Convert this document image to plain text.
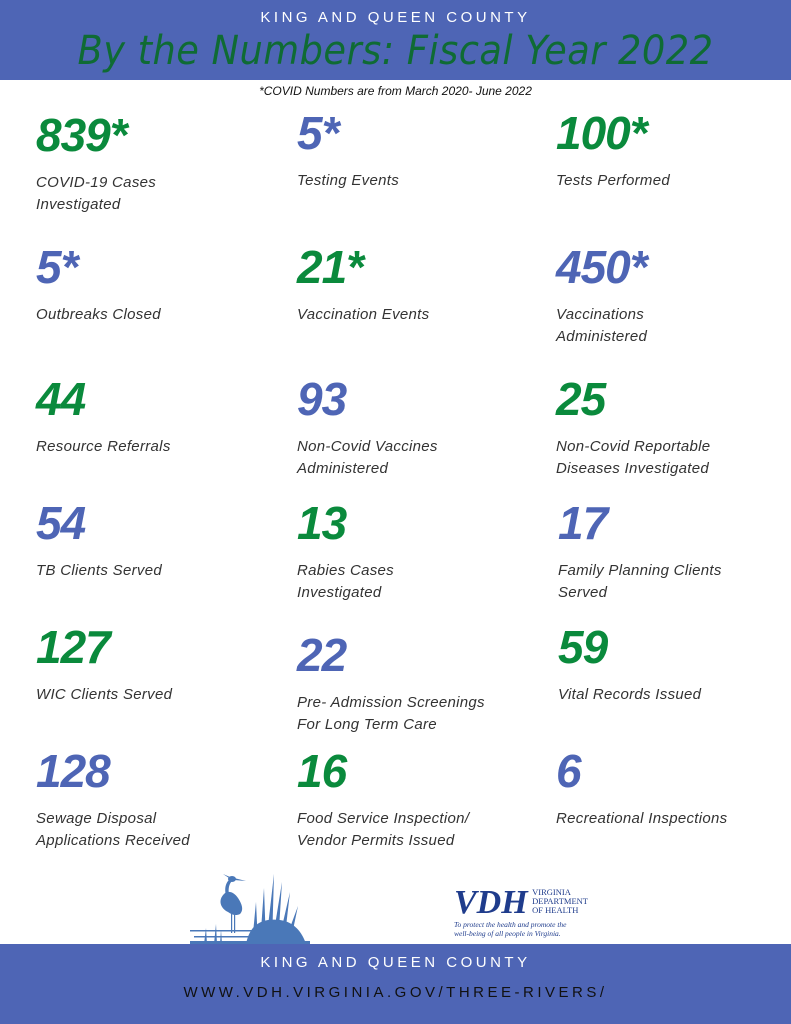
KING AND QUEEN COUNTY
By the Numbers: Fiscal Year 2022
*COVID Numbers are from March 2020- June 2022
839*
COVID-19 Cases
Investigated
5*
Testing Events
100*
Tests Performed
5*
Outbreaks Closed
21*
Vaccination Events
450*
Vaccinations
Administered
44
Resource Referrals
93
Non-Covid Vaccines
Administered
25
Non-Covid Reportable
Diseases Investigated
54
TB Clients Served
13
Rabies Cases
Investigated
17
Family Planning Clients
Served
127
WIC Clients Served
22
Pre- Admission Screenings
For Long Term Care
59
Vital Records Issued
128
Sewage Disposal
Applications Received
16
Food Service Inspection/
Vendor Permits Issued
6
Recreational Inspections
VDH VIRGINIA
DEPARTMENT
OF HEALTH
To protect the health and promote the
well-being of all people in Virginia.
KING AND QUEEN COUNTY
WWW.VDH.VIRGINIA.GOV/THREE-RIVERS/
